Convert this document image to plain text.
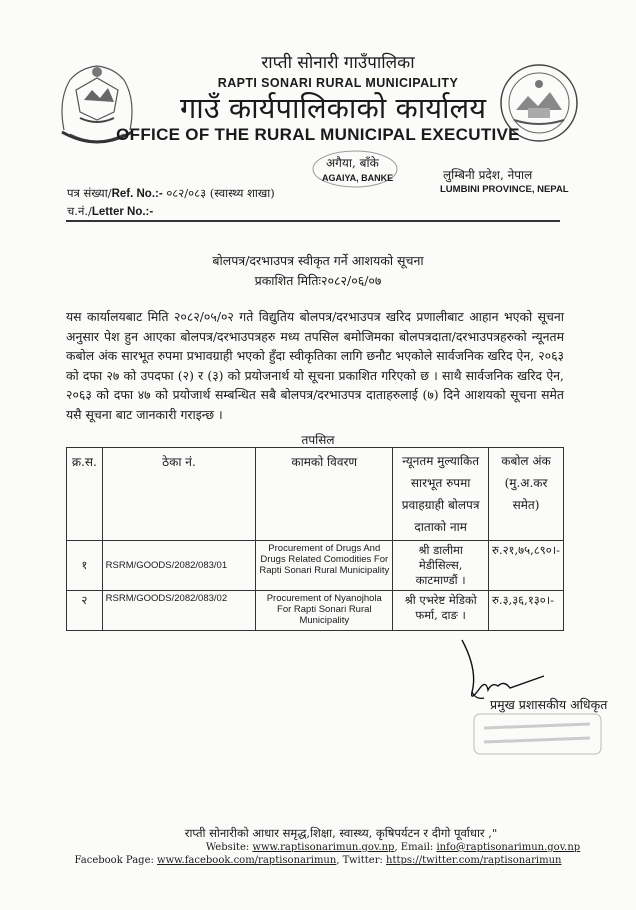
राप्ती सोनारी गाउँपालिका
RAPTI SONARI RURAL MUNICIPALITY
गाउँ कार्यपालिकाको कार्यालय
OFFICE OF THE RURAL MUNICIPAL EXECUTIVE
अगैया, बाँके
AGAIYA, BANKE	लुम्बिनी प्रदेश, नेपाल
LUMBINI PROVINCE, NEPAL
पत्र संख्या/Ref. No.:- ०८२/०८३ (स्वास्थ्य शाखा)
च.नं./Letter No.:-
बोलपत्र/दरभाउपत्र स्वीकृत गर्ने आशयको सूचना
प्रकाशित मितिः२०८२/०६/०७
यस कार्यालयबाट मिति २०८२/०५/०२ गते विद्युतिय बोलपत्र/दरभाउपत्र खरिद प्रणालीबाट आहान भएको सूचना अनुसार पेश हुन आएका बोलपत्र/दरभाउपत्रहरु मध्य तपसिल बमोजिमका बोलपत्रदाता/दरभाउपत्रहरुको न्यूनतम कबोल अंक सारभूत रुपमा प्रभावग्राही भएको हुँदा स्वीकृतिका लागि छनौट भएकोले सार्वजनिक खरिद ऐन, २०६३ को दफा २७ को उपदफा (२) र (३) को प्रयोजनार्थ यो सूचना प्रकाशित गरिएको छ । साथै सार्वजनिक खरिद ऐन, २०६३ को दफा ४७ को प्रयोजार्थ सम्बन्धित सबै बोलपत्र/दरभाउपत्र दाताहरुलाई (७) दिने आशयको सूचना समेत यसै सूचना बाट जानकारी गराइन्छ ।
तपसिल
क्र.स.	ठेका नं.	कामको विवरण	न्यूनतम मुल्याकित सारभूत रुपमा प्रवाहग्राही बोलपत्र दाताको नाम	कबोल अंक (मु.अ.कर समेत)
१	RSRM/GOODS/2082/083/01	Procurement of Drugs And Drugs Related Comodities For Rapti Sonari Rural Municipality	श्री डालीमा मेडीसिल्स, काटमाण्डौं ।	रु.२१,७५,८९०।-
२	RSRM/GOODS/2082/083/02	Procurement of Nyanojhola For Rapti Sonari Rural Municipality	श्री एभरेष्ट मेडिको फर्मा, दाङ ।	रु.३,३६,१३०।-
प्रमुख प्रशासकीय अधिकृत
राप्ती सोनारीको आधार समृद्ध,शिक्षा, स्वास्थ्य, कृषिपर्यटन र दीगो पूर्वाधार ,"
Website: www.raptisonarimun.gov.np, Email: info@raptisonarimun.gov.np
Facebook Page: www.facebook.com/raptisonarimun, Twitter: https://twitter.com/raptisonarimun
